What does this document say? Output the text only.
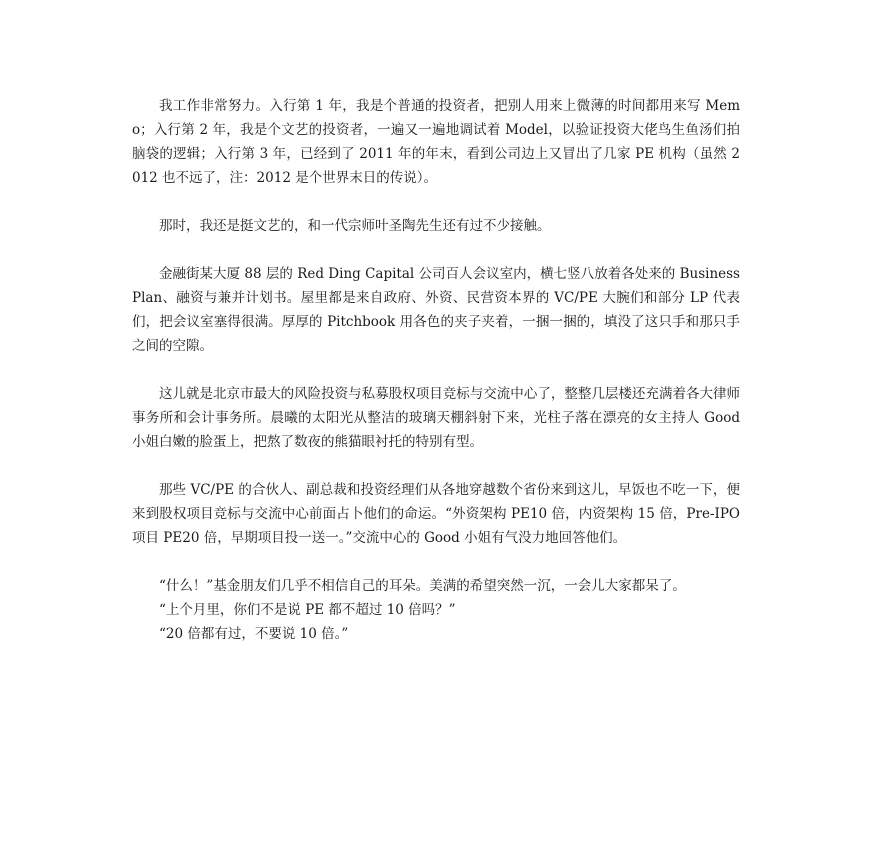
我工作非常努力。入行第 1 年，我是个普通的投资者，把别人用来上微薄的时间都用来写 Memo；入行第 2 年，我是个文艺的投资者，一遍又一遍地调试着 Model，以验证投资大佬鸟生鱼汤们拍脑袋的逻辑；入行第 3 年，已经到了 2011 年的年末，看到公司边上又冒出了几家 PE 机构（虽然 2012 也不远了，注：2012 是个世界末日的传说）。

那时，我还是挺文艺的，和一代宗师叶圣陶先生还有过不少接触。

金融街某大厦 88 层的 Red Ding Capital 公司百人会议室内，横七竖八放着各处来的 Business Plan、融资与兼并计划书。屋里都是来自政府、外资、民营资本界的 VC/PE 大腕们和部分 LP 代表们，把会议室塞得很满。厚厚的 Pitchbook 用各色的夹子夹着，一捆一捆的，填没了这只手和那只手之间的空隙。

这儿就是北京市最大的风险投资与私募股权项目竞标与交流中心了，整整几层楼还充满着各大律师事务所和会计事务所。晨曦的太阳光从整洁的玻璃天棚斜射下来，光柱子落在漂亮的女主持人 Good 小姐白嫩的脸蛋上，把熬了数夜的熊猫眼衬托的特别有型。

那些 VC/PE 的合伙人、副总裁和投资经理们从各地穿越数个省份来到这儿，早饭也不吃一下，便来到股权项目竞标与交流中心前面占卜他们的命运。“外资架构 PE10 倍，内资架构 15 倍，Pre-IPO 项目 PE20 倍，早期项目投一送一。”交流中心的 Good 小姐有气没力地回答他们。

“什么！”基金朋友们几乎不相信自己的耳朵。美满的希望突然一沉，一会儿大家都呆了。

“上个月里，你们不是说 PE 都不超过 10 倍吗？”

“20 倍都有过，不要说 10 倍。”
